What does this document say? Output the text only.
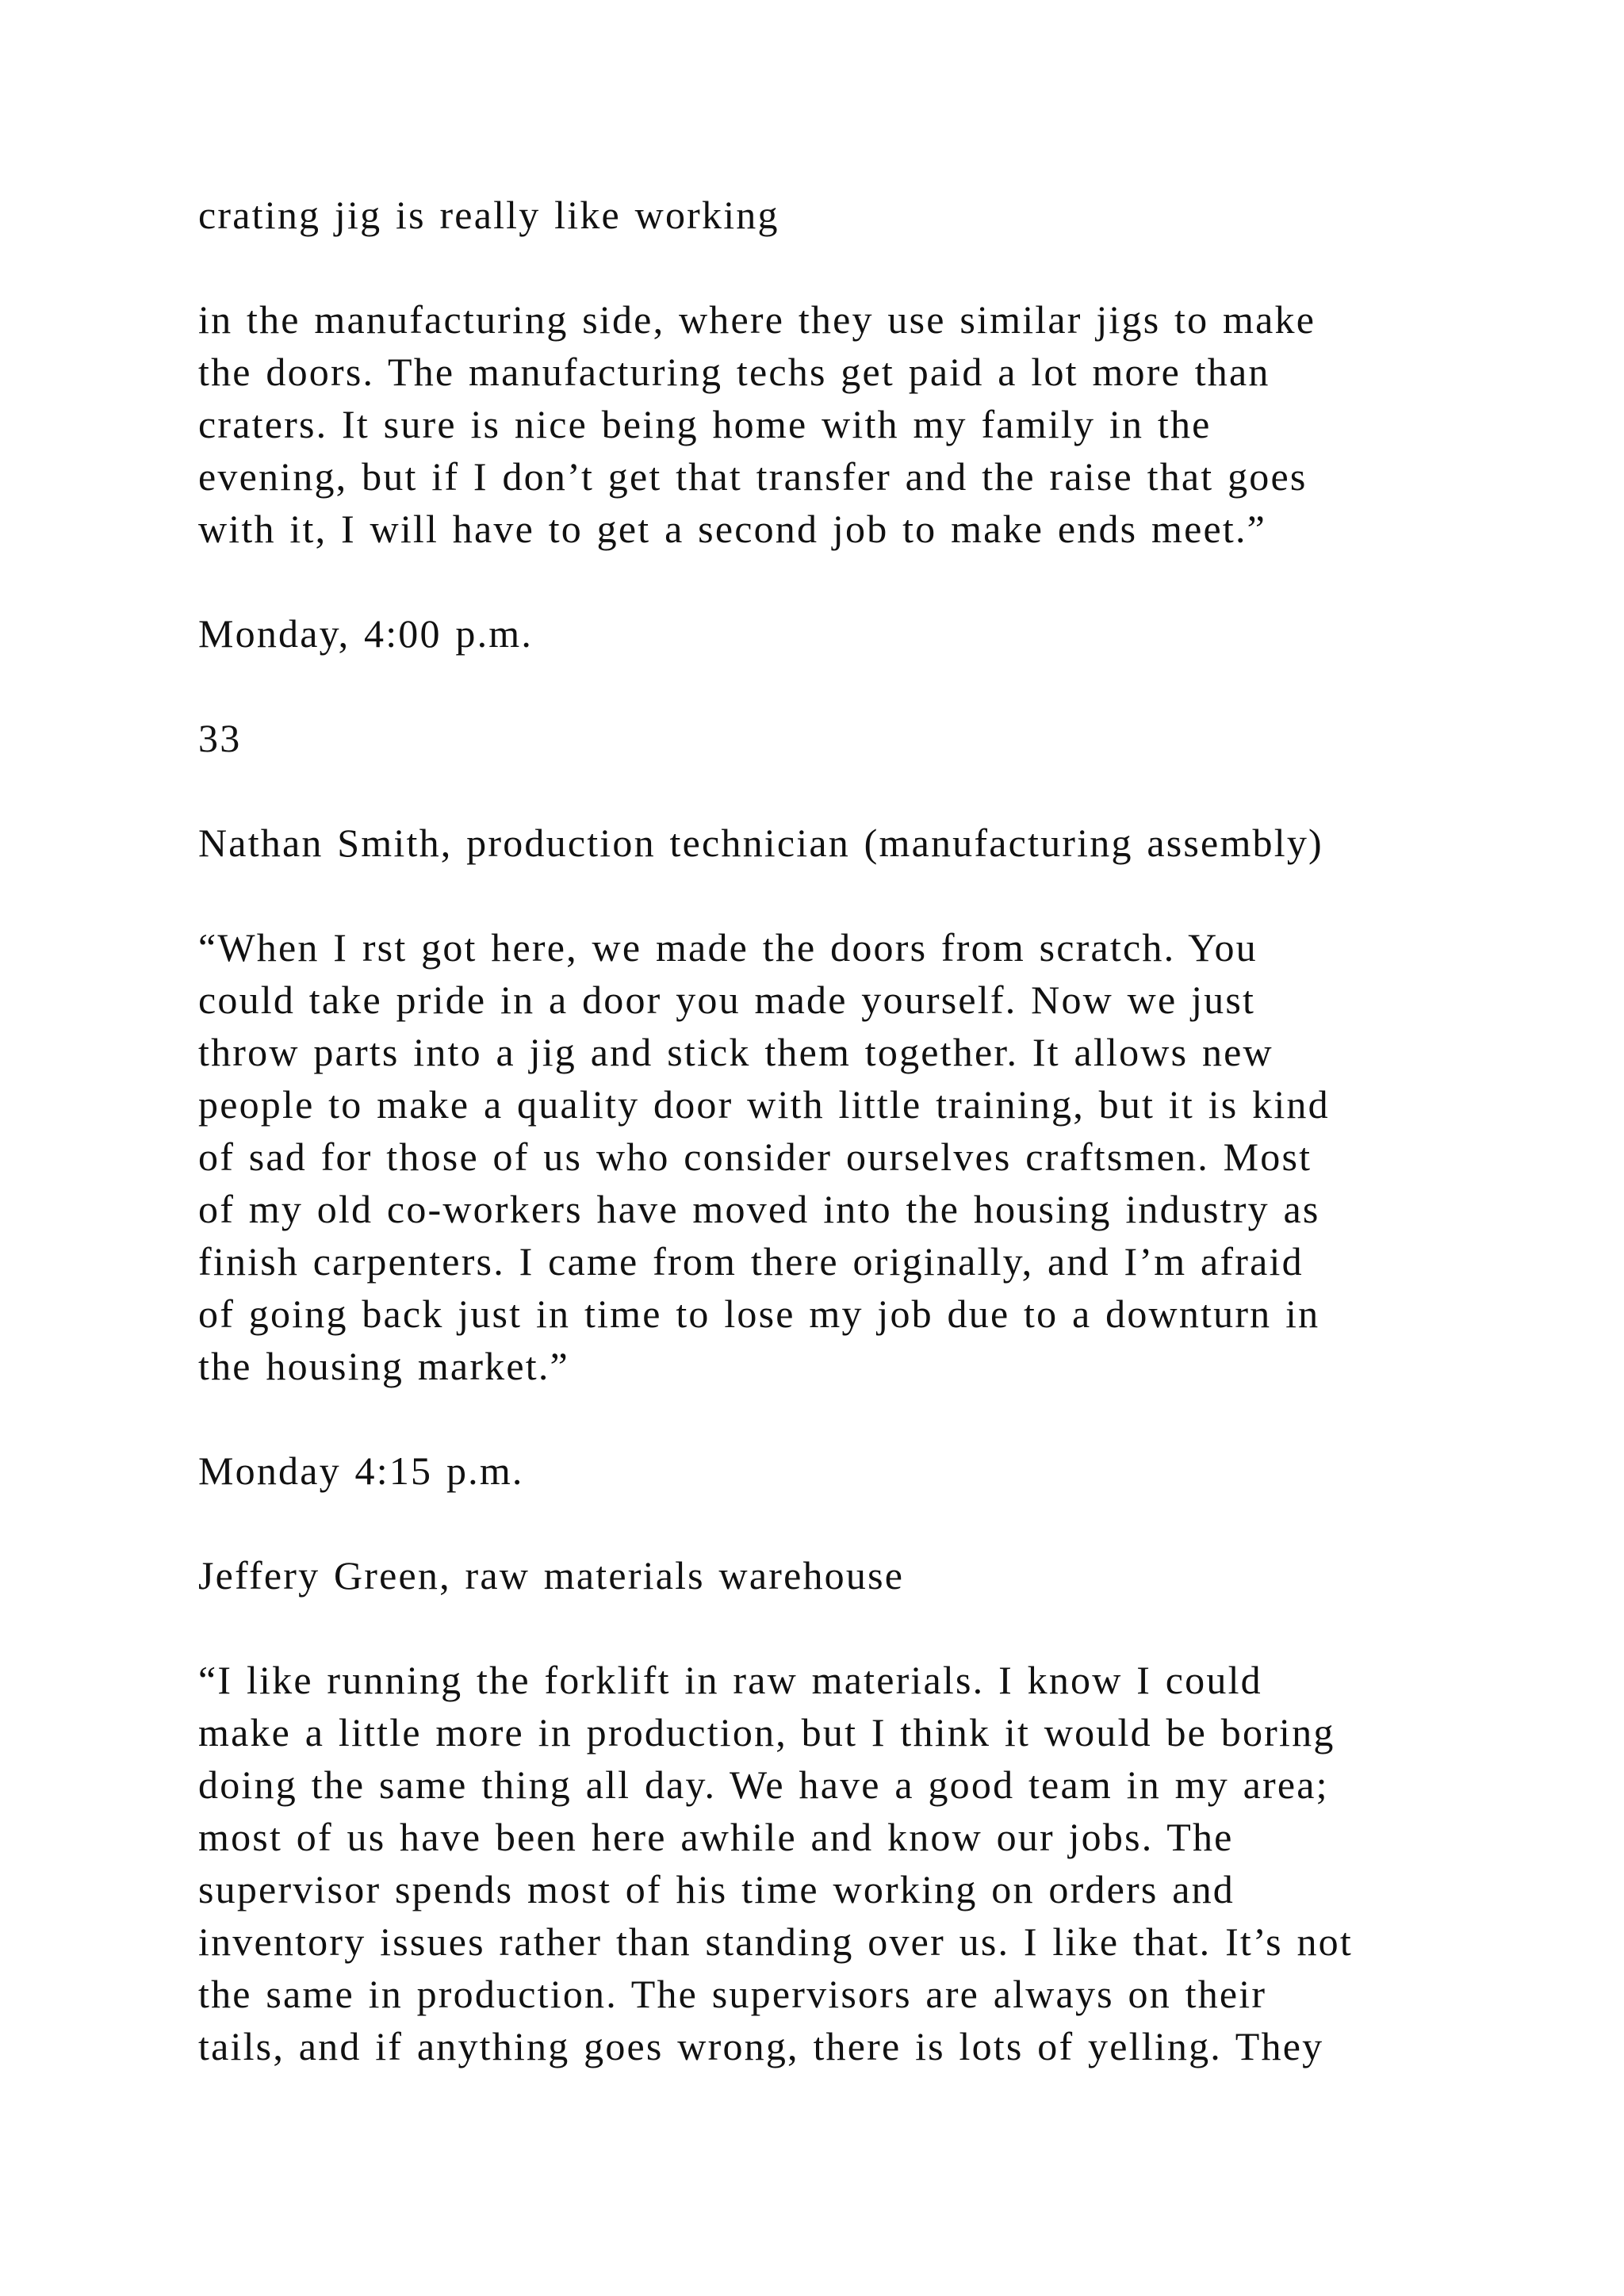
crating jig is really like working
in the manufacturing side, where they use similar jigs to make
the doors. The manufacturing techs get paid a lot more than
craters. It sure is nice being home with my family in the
evening, but if I don’t get that transfer and the raise that goes
with it, I will have to get a second job to make ends meet.”
Monday, 4:00 p.m.
33
Nathan Smith, production technician (manufacturing assembly)
“When I rst got here, we made the doors from scratch. You
could take pride in a door you made yourself. Now we just
throw parts into a jig and stick them together. It allows new
people to make a quality door with little training, but it is kind
of sad for those of us who consider ourselves craftsmen. Most
of my old co-workers have moved into the housing industry as
finish carpenters. I came from there originally, and I’m afraid
of going back just in time to lose my job due to a downturn in
the housing market.”
Monday 4:15 p.m.
Jeffery Green, raw materials warehouse
“I like running the forklift in raw materials. I know I could
make a little more in production, but I think it would be boring
doing the same thing all day. We have a good team in my area;
most of us have been here awhile and know our jobs. The
supervisor spends most of his time working on orders and
inventory issues rather than standing over us. I like that. It’s not
the same in production. The supervisors are always on their
tails, and if anything goes wrong, there is lots of yelling. They
